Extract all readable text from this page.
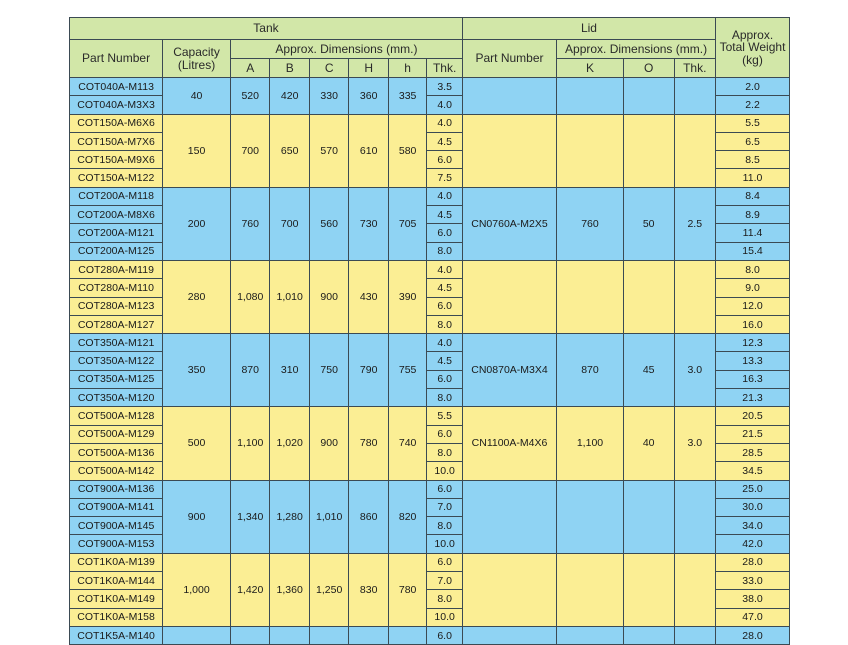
Tank								Lid				Approx.
Total Weight
(kg)

Part Number	Capacity
(Litres)	Approx. Dimensions (mm.)						Part Number	Approx. Dimensions (mm.)			
		A	B	C	H	h	Thk.		K	O	Thk.	
COT040A-M113	40	520	420	330	360	335	3.5					2.0
COT040A-M3X3							4.0					2.2
COT150A-M6X6	150	700	650	570	610	580	4.0					5.5
COT150A-M7X6							4.5					6.5
COT150A-M9X6							6.0					8.5
COT150A-M122							7.5					11.0
COT200A-M118	200	760	700	560	730	705	4.0	CN0760A-M2X5	760	50	2.5	8.4
COT200A-M8X6							4.5					8.9
COT200A-M121							6.0					11.4
COT200A-M125							8.0					15.4
COT280A-M119	280	1,080	1,010	900	430	390	4.0					8.0
COT280A-M110							4.5					9.0
COT280A-M123							6.0					12.0
COT280A-M127							8.0					16.0
COT350A-M121	350	870	310	750	790	755	4.0	CN0870A-M3X4	870	45	3.0	12.3
COT350A-M122							4.5					13.3
COT350A-M125							6.0					16.3
COT350A-M120							8.0					21.3
COT500A-M128	500	1,100	1,020	900	780	740	5.5	CN1100A-M4X6	1,100	40	3.0	20.5
COT500A-M129							6.0					21.5
COT500A-M136							8.0					28.5
COT500A-M142							10.0					34.5
COT900A-M136	900	1,340	1,280	1,010	860	820	6.0					25.0
COT900A-M141							7.0					30.0
COT900A-M145							8.0					34.0
COT900A-M153							10.0					42.0
COT1K0A-M139	1,000	1,420	1,360	1,250	830	780	6.0					28.0
COT1K0A-M144							7.0					33.0
COT1K0A-M149							8.0					38.0
COT1K0A-M158							10.0					47.0
COT1K5A-M140							6.0					28.0
